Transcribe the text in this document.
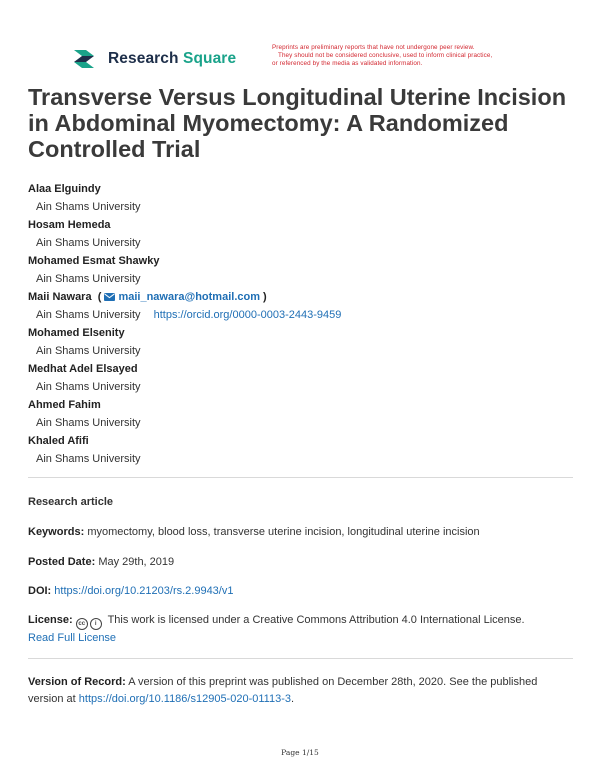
Research Square
Preprints are preliminary reports that have not undergone peer review.
They should not be considered conclusive, used to inform clinical practice,
or referenced by the media as validated information.
Transverse Versus Longitudinal Uterine Incision in Abdominal Myomectomy: A Randomized Controlled Trial
Alaa Elguindy
Ain Shams University
Hosam Hemeda
Ain Shams University
Mohamed Esmat Shawky
Ain Shams University
Maii Nawara  ( maii_nawara@hotmail.com )
Ain Shams University https://orcid.org/0000-0003-2443-9459
Mohamed Elsenity
Ain Shams University
Medhat Adel Elsayed
Ain Shams University
Ahmed Fahim
Ain Shams University
Khaled Afifi
Ain Shams University
Research article
Keywords: myomectomy, blood loss, transverse uterine incision, longitudinal uterine incision
Posted Date: May 29th, 2019
DOI: https://doi.org/10.21203/rs.2.9943/v1
License: cc	i	This work is licensed under a Creative Commons Attribution 4.0 International License.
Read Full License
Version of Record: A version of this preprint was published on December 28th, 2020. See the published version at https://doi.org/10.1186/s12905-020-01113-3.
Page 1/15
